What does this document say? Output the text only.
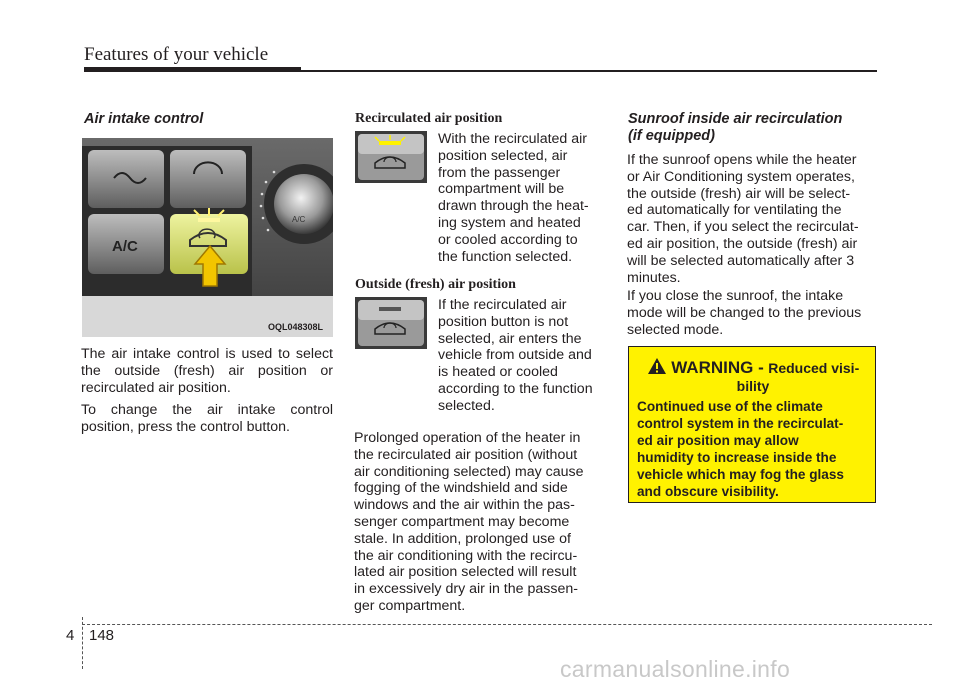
Features of your vehicle
Air intake control
A/C
A/C
OQL048308L

The air intake control is used to select the outside (fresh) air position or recirculated air position.

To change the air intake control position, press the control button.

Recirculated air position
With the recirculated air
position selected, air
from the passenger
compartment will be
drawn through the heat-
ing system and heated
or cooled according to
the function selected.
Outside (fresh) air position
If the recirculated air
position button is not
selected, air enters the
vehicle from outside and
is heated or cooled
according to the function
selected.
Prolonged operation of the heater in
the recirculated air position (without
air conditioning selected) may cause
fogging of the windshield and side
windows and the air within the pas-
senger compartment may become
stale. In addition, prolonged use of
the air conditioning with the recircu-
lated air position selected will result
in excessively dry air in the passen-
ger compartment.
Sunroof inside air recirculation
(if equipped)
If the sunroof opens while the heater
or Air Conditioning system operates,
the outside (fresh) air will be select-
ed automatically for ventilating the
car. Then, if you select the recirculat-
ed air position, the outside (fresh) air
will be selected automatically after 3
minutes.
If you close the sunroof, the intake
mode will be changed to the previous
selected mode.
WARNING - Reduced visi-
bility
Continued use of the climate
control system in the recirculat-
ed air position may allow
humidity to increase inside the
vehicle which may fog the glass
and obscure visibility.
4 148
carmanualsonline.info
